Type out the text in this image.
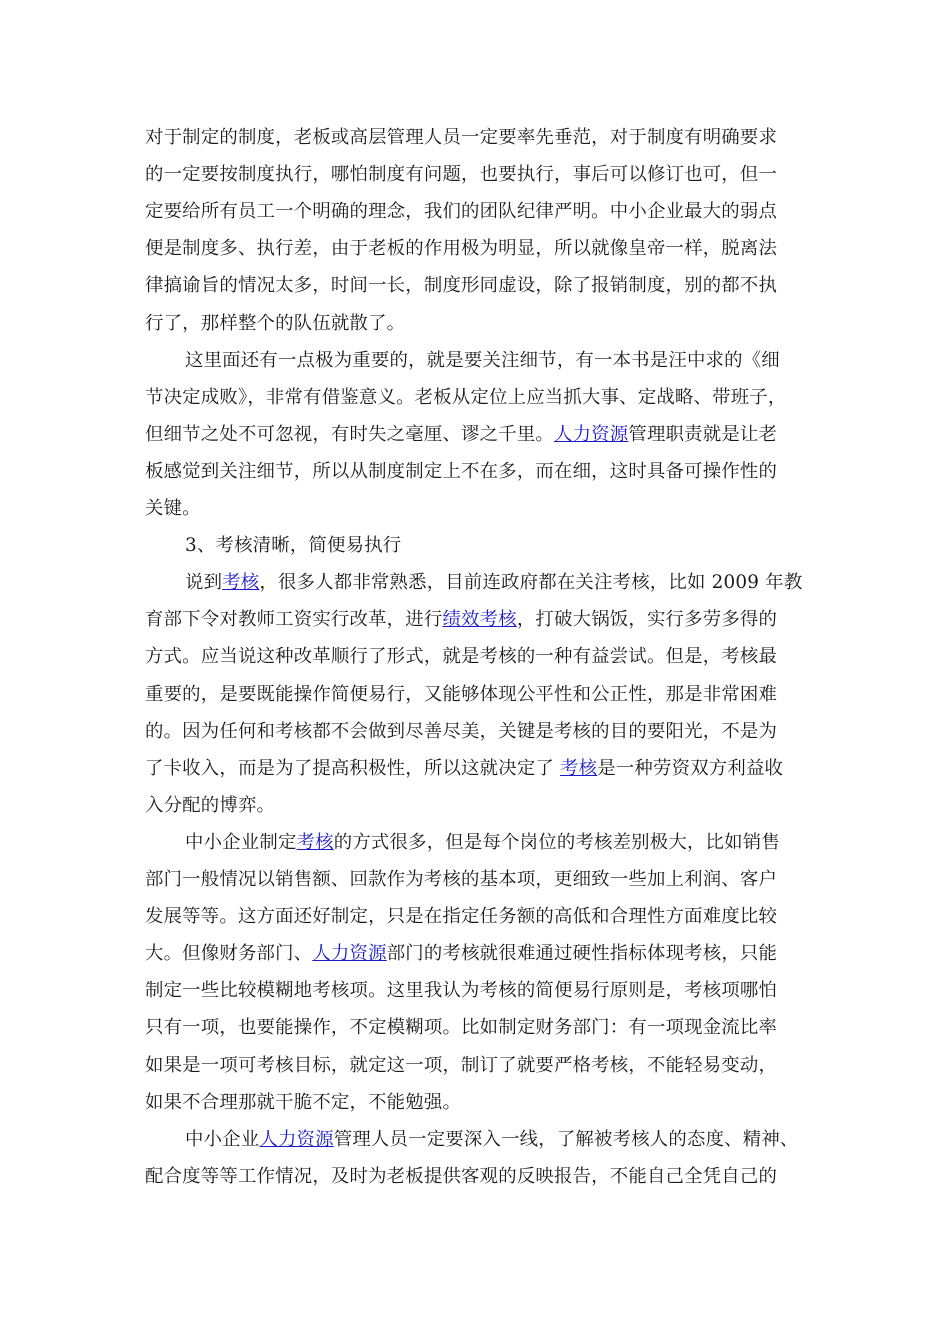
对于制定的制度，老板或高层管理人员一定要率先垂范，对于制度有明确要求
的一定要按制度执行，哪怕制度有问题，也要执行，事后可以修订也可，但一
定要给所有员工一个明确的理念，我们的团队纪律严明。中小企业最大的弱点
便是制度多、执行差，由于老板的作用极为明显，所以就像皇帝一样，脱离法
律搞谕旨的情况太多，时间一长，制度形同虚设，除了报销制度，别的都不执
行了，那样整个的队伍就散了。
这里面还有一点极为重要的，就是要关注细节，有一本书是汪中求的《细
节决定成败》，非常有借鉴意义。老板从定位上应当抓大事、定战略、带班子，
但细节之处不可忽视，有时失之毫厘、谬之千里。人力资源管理职责就是让老
板感觉到关注细节，所以从制度制定上不在多，而在细，这时具备可操作性的
关键。
3、考核清晰，简便易执行
说到考核，很多人都非常熟悉，目前连政府都在关注考核，比如 2009 年教
育部下令对教师工资实行改革，进行绩效考核，打破大锅饭，实行多劳多得的
方式。应当说这种改革顺行了形式，就是考核的一种有益尝试。但是，考核最
重要的，是要既能操作简便易行，又能够体现公平性和公正性，那是非常困难
的。因为任何和考核都不会做到尽善尽美，关键是考核的目的要阳光，不是为
了卡收入，而是为了提高积极性，所以这就决定了 考核是一种劳资双方利益收
入分配的博弈。
中小企业制定考核的方式很多，但是每个岗位的考核差别极大，比如销售
部门一般情况以销售额、回款作为考核的基本项，更细致一些加上利润、客户
发展等等。这方面还好制定，只是在指定任务额的高低和合理性方面难度比较
大。但像财务部门、人力资源部门的考核就很难通过硬性指标体现考核，只能
制定一些比较模糊地考核项。这里我认为考核的简便易行原则是，考核项哪怕
只有一项，也要能操作，不定模糊项。比如制定财务部门：有一项现金流比率
如果是一项可考核目标，就定这一项，制订了就要严格考核，不能轻易变动，
如果不合理那就干脆不定，不能勉强。
中小企业人力资源管理人员一定要深入一线，了解被考核人的态度、精神、
配合度等等工作情况，及时为老板提供客观的反映报告，不能自己全凭自己的
